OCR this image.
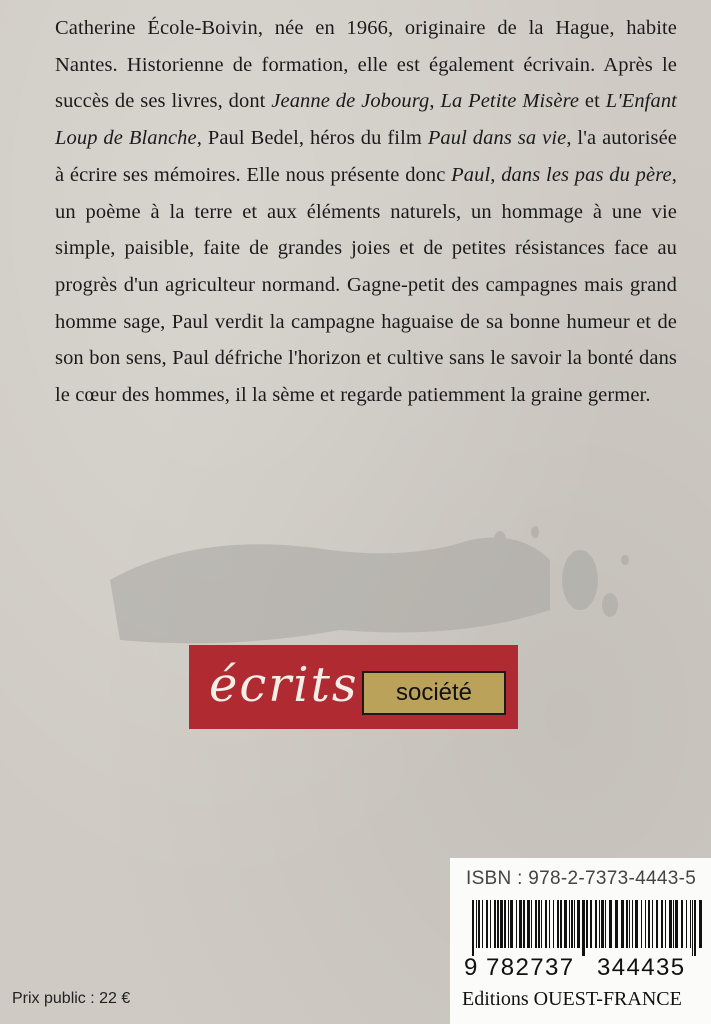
Catherine École-Boivin, née en 1966, originaire de la Hague, habite Nantes. Historienne de formation, elle est également écrivain. Après le succès de ses livres, dont Jeanne de Jobourg, La Petite Misère et L'Enfant Loup de Blanche, Paul Bedel, héros du film Paul dans sa vie, l'a autorisée à écrire ses mémoires. Elle nous présente donc Paul, dans les pas du père, un poème à la terre et aux éléments naturels, un hommage à une vie simple, paisible, faite de grandes joies et de petites résistances face au progrès d'un agriculteur normand. Gagne-petit des campagnes mais grand homme sage, Paul verdit la campagne haguaise de sa bonne humeur et de son bon sens, Paul défriche l'horizon et cultive sans le savoir la bonté dans le cœur des hommes, il la sème et regarde patiemment la graine germer.
écrits	société
Prix public : 22 €
ISBN : 978-2-7373-4443-5
9 782737 344435
Editions OUEST-FRANCE
